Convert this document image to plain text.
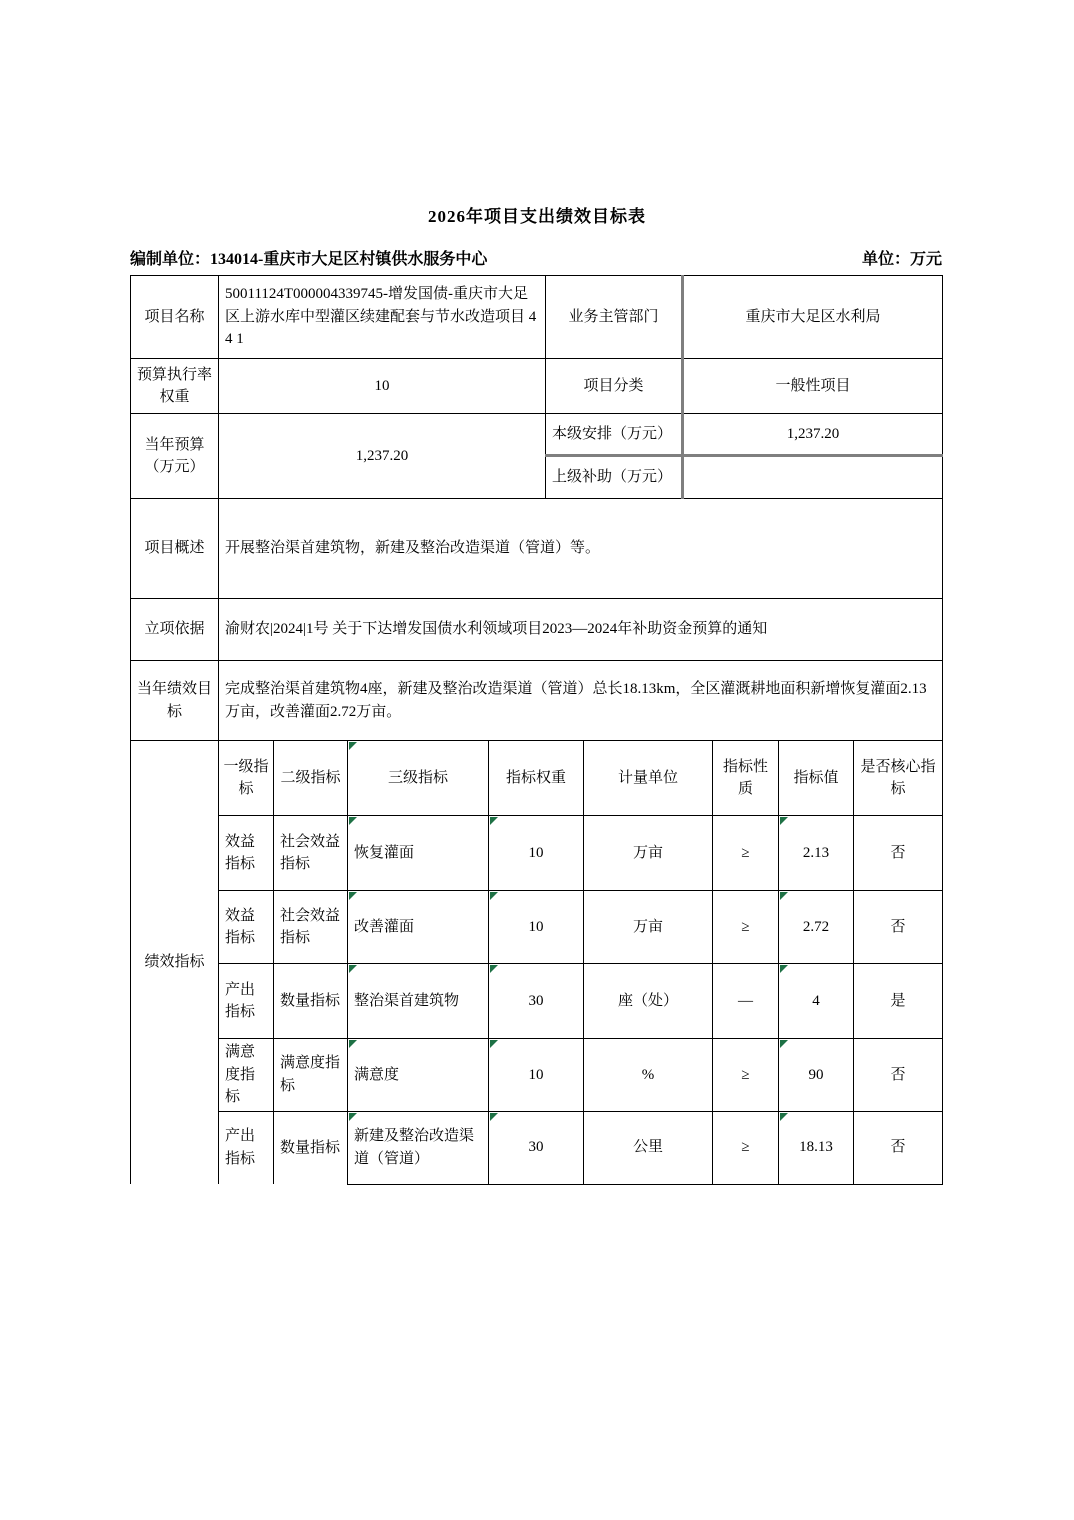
2026年项目支出绩效目标表
编制单位：134014-重庆市大足区村镇供水服务中心	单位：万元
项目名称	50011124T000004339745-增发国债-重庆市大足区上游水库中型灌区续建配套与节水改造项目 4 4 1	业务主管部门	重庆市大足区水利局
预算执行率权重	10	项目分类	一般性项目
当年预算（万元）	1,237.20	本级安排（万元）	1,237.20
		上级补助（万元）	
项目概述	开展整治渠首建筑物，新建及整治改造渠道（管道）等。		
立项依据	渝财农|2024|1号 关于下达增发国债水利领域项目2023—2024年补助资金预算的通知		
当年绩效目标	完成整治渠首建筑物4座，新建及整治改造渠道（管道）总长18.13km，全区灌溉耕地面积新增恢复灌面2.13万亩，改善灌面2.72万亩。		
绩效指标	一级指标	二级指标	三级指标	指标权重	计量单位	指标性质	指标值	是否核心指标
	效益指标	社会效益指标	恢复灌面	10	万亩	≥	2.13	否
	效益指标	社会效益指标	改善灌面	10	万亩	≥	2.72	否
	产出指标	数量指标	整治渠首建筑物	30	座（处）	—	4	是
	满意度指标	满意度指标	满意度	10	%	≥	90	否
	产出指标	数量指标	新建及整治改造渠道（管道）	30	公里	≥	18.13	否
